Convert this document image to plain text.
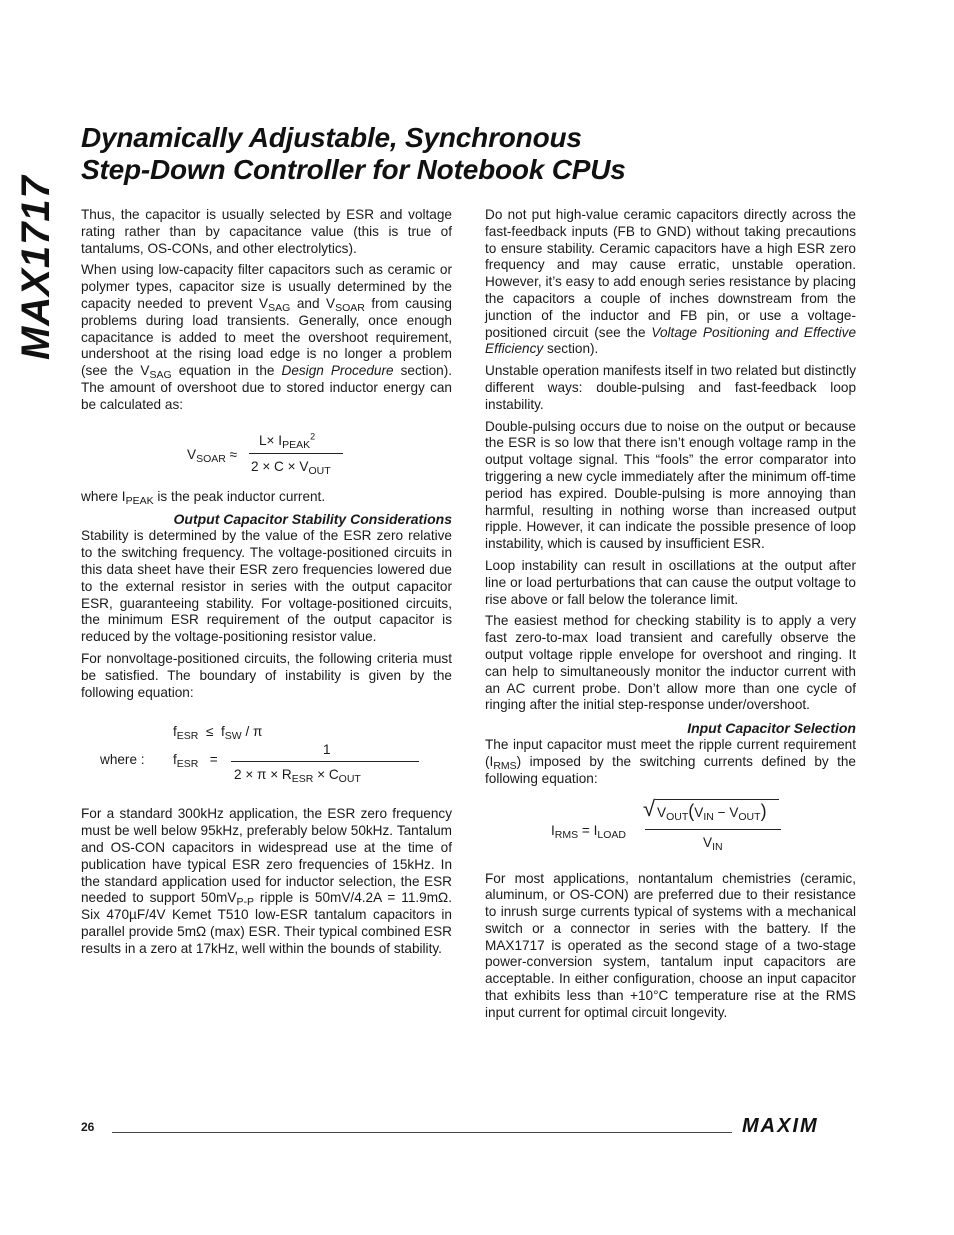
Dynamically Adjustable, Synchronous
Step-Down Controller for Notebook CPUs
MAX1717 Thus, the capacitor is usually selected by ESR and voltage rating rather than by capacitance value (this is true of tantalums, OS-CONs, and other electrolytics).

When using low-capacity filter capacitors such as ceramic or polymer types, capacitor size is usually determined by the capacity needed to prevent $V_{SAG}$ and $V_{SOAR}$ from causing problems during load transients. Generally, once enough capacitance is added to meet the overshoot requirement, undershoot at the rising load edge is no longer a problem (see the $V_{SAG}$ equation in the Design Procedure section). The amount of overshoot due to stored inductor energy can be calculated as:

$V_{SOAR}$ ≈
$L\times I_{PEAK}^2$
$2 \times C \times V_{OUT}$

where $I_{PEAK}$ is the peak inductor current.

Output Capacitor Stability Considerations

Stability is determined by the value of the ESR zero relative to the switching frequency. The voltage-positioned circuits in this data sheet have their ESR zero frequencies lowered due to the external resistor in series with the output capacitor ESR, guaranteeing stability. For voltage-positioned circuits, the minimum ESR requirement of the output capacitor is reduced by the voltage-positioning resistor value.

For nonvoltage-positioned circuits, the following criteria must be satisfied. The boundary of instability is given by the following equation:

$f_{ESR} \le f_{SW} / \pi$
where : $f_{ESR}$ =
1
$2 \times \pi \times R_{ESR} \times C_{OUT}$

For a standard 300kHz application, the ESR zero frequency must be well below 95kHz, preferably below 50kHz. Tantalum and OS-CON capacitors in widespread use at the time of publication have typical ESR zero frequencies of 15kHz. In the standard application used for inductor selection, the ESR needed to support $50mV_{P-P}$ ripple is 50mV/4.2A = 11.9mΩ. Six 470µF/4V Kemet T510 low-ESR tantalum capacitors in parallel provide 5mΩ (max) ESR. Their typical combined ESR results in a zero at 17kHz, well within the bounds of stability.

Do not put high-value ceramic capacitors directly across the fast-feedback inputs (FB to GND) without taking precautions to ensure stability. Ceramic capacitors have a high ESR zero frequency and may cause erratic, unstable operation. However, it’s easy to add enough series resistance by placing the capacitors a couple of inches downstream from the junction of the inductor and FB pin, or use a voltage-positioned circuit (see the Voltage Positioning and Effective Efficiency section).

Unstable operation manifests itself in two related but distinctly different ways: double-pulsing and fast-feedback loop instability.

Double-pulsing occurs due to noise on the output or because the ESR is so low that there isn’t enough voltage ramp in the output voltage signal. This “fools” the error comparator into triggering a new cycle immediately after the minimum off-time period has expired. Double-pulsing is more annoying than harmful, resulting in nothing worse than increased output ripple. However, it can indicate the possible presence of loop instability, which is caused by insufficient ESR.

Loop instability can result in oscillations at the output after line or load perturbations that can cause the output voltage to rise above or fall below the tolerance limit.

The easiest method for checking stability is to apply a very fast zero-to-max load transient and carefully observe the output voltage ripple envelope for overshoot and ringing. It can help to simultaneously monitor the inductor current with an AC current probe. Don’t allow more than one cycle of ringing after the initial step-response under/overshoot.

Input Capacitor Selection

The input capacitor must meet the ripple current requirement $(I_{RMS})$ imposed by the switching currents defined by the following equation:

$I_{RMS} = I_{LOAD}$
√ $V_{OUT}(V_{IN} - V_{OUT})$
$V_{IN}$

For most applications, nontantalum chemistries (ceramic, aluminum, or OS-CON) are preferred due to their resistance to inrush surge currents typical of systems with a mechanical switch or a connector in series with the battery. If the MAX1717 is operated as the second stage of a two-stage power-conversion system, tantalum input capacitors are acceptable. In either configuration, choose an input capacitor that exhibits less than +10°C temperature rise at the RMS input current for optimal circuit longevity.

26	MAXIM
